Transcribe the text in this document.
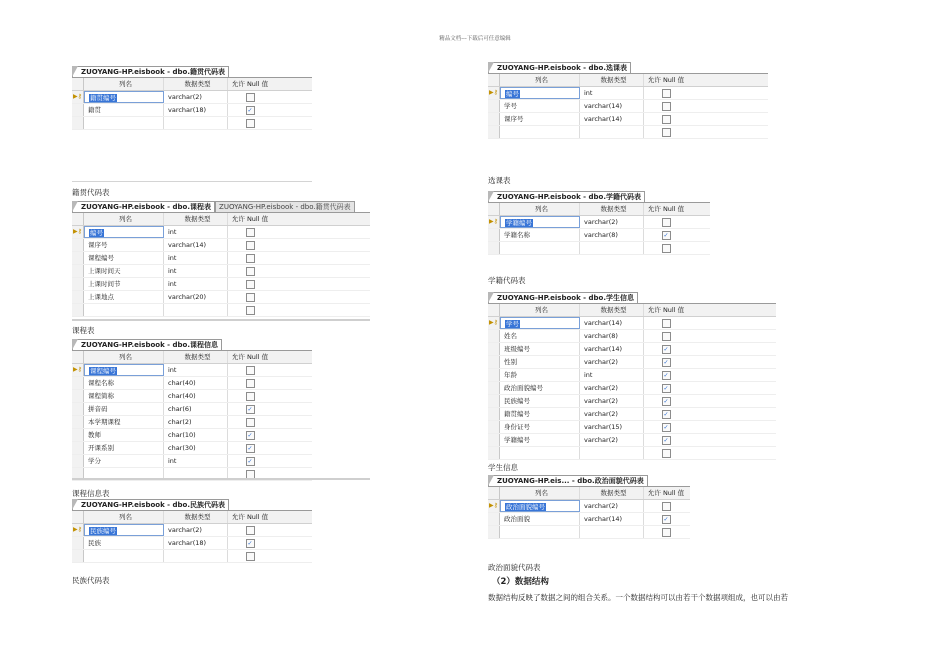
精品文档---下载后可任意编辑
ZUOYANG-HP.eisbook - dbo.籍贯代码表
列名	数据类型	允许 Null 值
▶⚷	籍贯编号	varchar(2)
籍贯	varchar(18)	✓
籍贯代码表
ZUOYANG-HP.eisbook - dbo.课程表 ZUOYANG-HP.eisbook - dbo.籍贯代码表
列名	数据类型	允许 Null 值
▶⚷	编号	int
课序号	varchar(14)
课程编号	int
上课时间天	int
上课时间节	int
上课地点	varchar(20)
课程表
ZUOYANG-HP.eisbook - dbo.课程信息
列名	数据类型	允许 Null 值
▶⚷	课程编号	int
课程名称	char(40)
课程简称	char(40)
拼音码	char(6)	✓
本学期课程	char(2)
教师	char(10)	✓
开课系别	char(30)	✓
学分	int	✓
课程信息表
ZUOYANG-HP.eisbook - dbo.民族代码表
列名	数据类型	允许 Null 值
▶⚷	民族编号	varchar(2)
民族	varchar(18)	✓
民族代码表
ZUOYANG-HP.eisbook - dbo.选课表
列名	数据类型	允许 Null 值
▶⚷	编号	int
学号	varchar(14)
课序号	varchar(14)
选课表
ZUOYANG-HP.eisbook - dbo.学籍代码表
列名	数据类型	允许 Null 值
▶⚷	学籍编号	varchar(2)
学籍名称	varchar(8)	✓
学籍代码表
ZUOYANG-HP.eisbook - dbo.学生信息
列名	数据类型	允许 Null 值
▶⚷	学号	varchar(14)
姓名	varchar(8)
班级编号	varchar(14)	✓
性别	varchar(2)	✓
年龄	int	✓
政治面貌编号	varchar(2)	✓
民族编号	varchar(2)	✓
籍贯编号	varchar(2)	✓
身份证号	varchar(15)	✓
学籍编号	varchar(2)	✓
学生信息
ZUOYANG-HP.eis... - dbo.政治面貌代码表
列名	数据类型	允许 Null 值
▶⚷	政治面貌编号	varchar(2)
政治面貌	varchar(14)	✓
政治面貌代码表
（2）数据结构
数据结构反映了数据之间的组合关系。一个数据结构可以由若干个数据项组成，也可以由若
